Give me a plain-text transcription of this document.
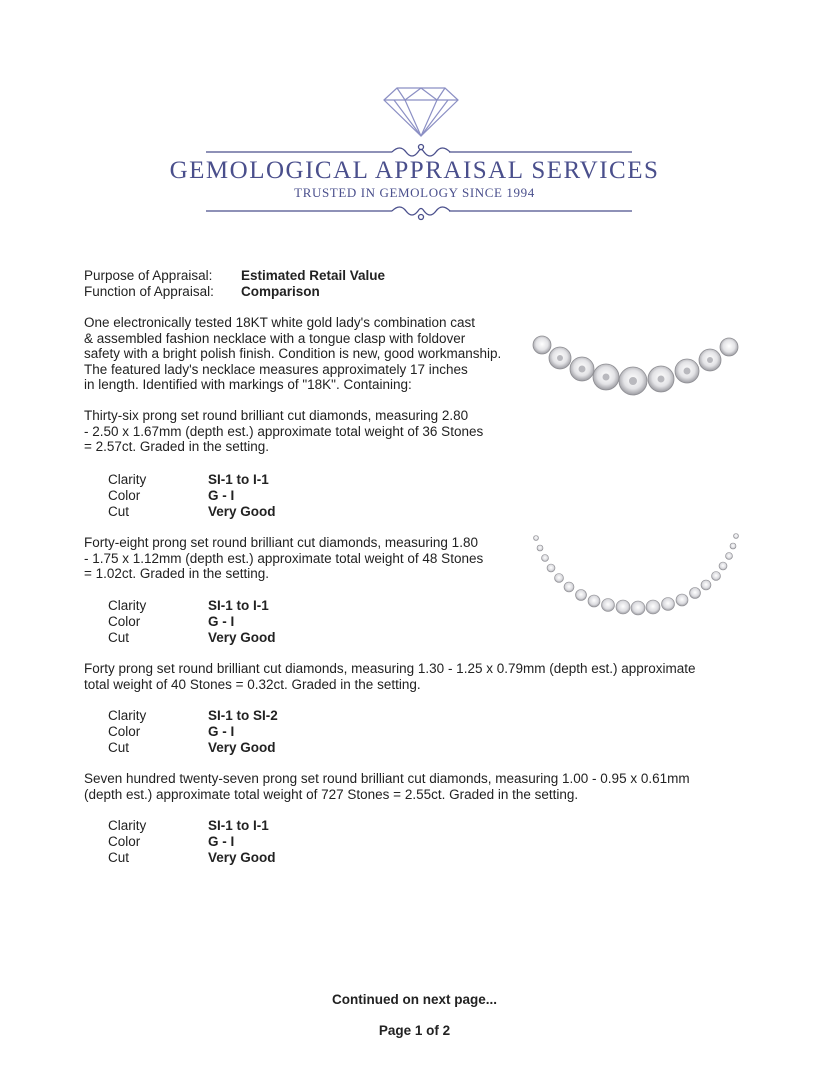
GEMOLOGICAL APPRAISAL SERVICES
TRUSTED IN GEMOLOGY SINCE 1994
Purpose of Appraisal: Estimated Retail Value
Function of Appraisal: Comparison
One electronically tested 18KT white gold lady's combination cast
& assembled fashion necklace with a tongue clasp with foldover
safety with a bright polish finish. Condition is new, good workmanship.
The featured lady's necklace measures approximately 17 inches
in length. Identified with markings of "18K". Containing:
Thirty-six prong set round brilliant cut diamonds, measuring 2.80
- 2.50 x 1.67mm (depth est.) approximate total weight of 36 Stones
= 2.57ct. Graded in the setting.
Clarity	SI-1 to I-1
Color	G - I
Cut	Very Good
Forty-eight prong set round brilliant cut diamonds, measuring 1.80
- 1.75 x 1.12mm (depth est.) approximate total weight of 48 Stones
= 1.02ct. Graded in the setting.
Clarity	SI-1 to I-1
Color	G - I
Cut	Very Good
Forty prong set round brilliant cut diamonds, measuring 1.30 - 1.25 x 0.79mm (depth est.) approximate
total weight of 40 Stones = 0.32ct. Graded in the setting.
Clarity	SI-1 to SI-2
Color	G - I
Cut	Very Good
Seven hundred twenty-seven prong set round brilliant cut diamonds, measuring 1.00 - 0.95 x 0.61mm
(depth est.) approximate total weight of 727 Stones = 2.55ct. Graded in the setting.
Clarity	SI-1 to I-1
Color	G - I
Cut	Very Good
Continued on next page...
Page 1 of 2
